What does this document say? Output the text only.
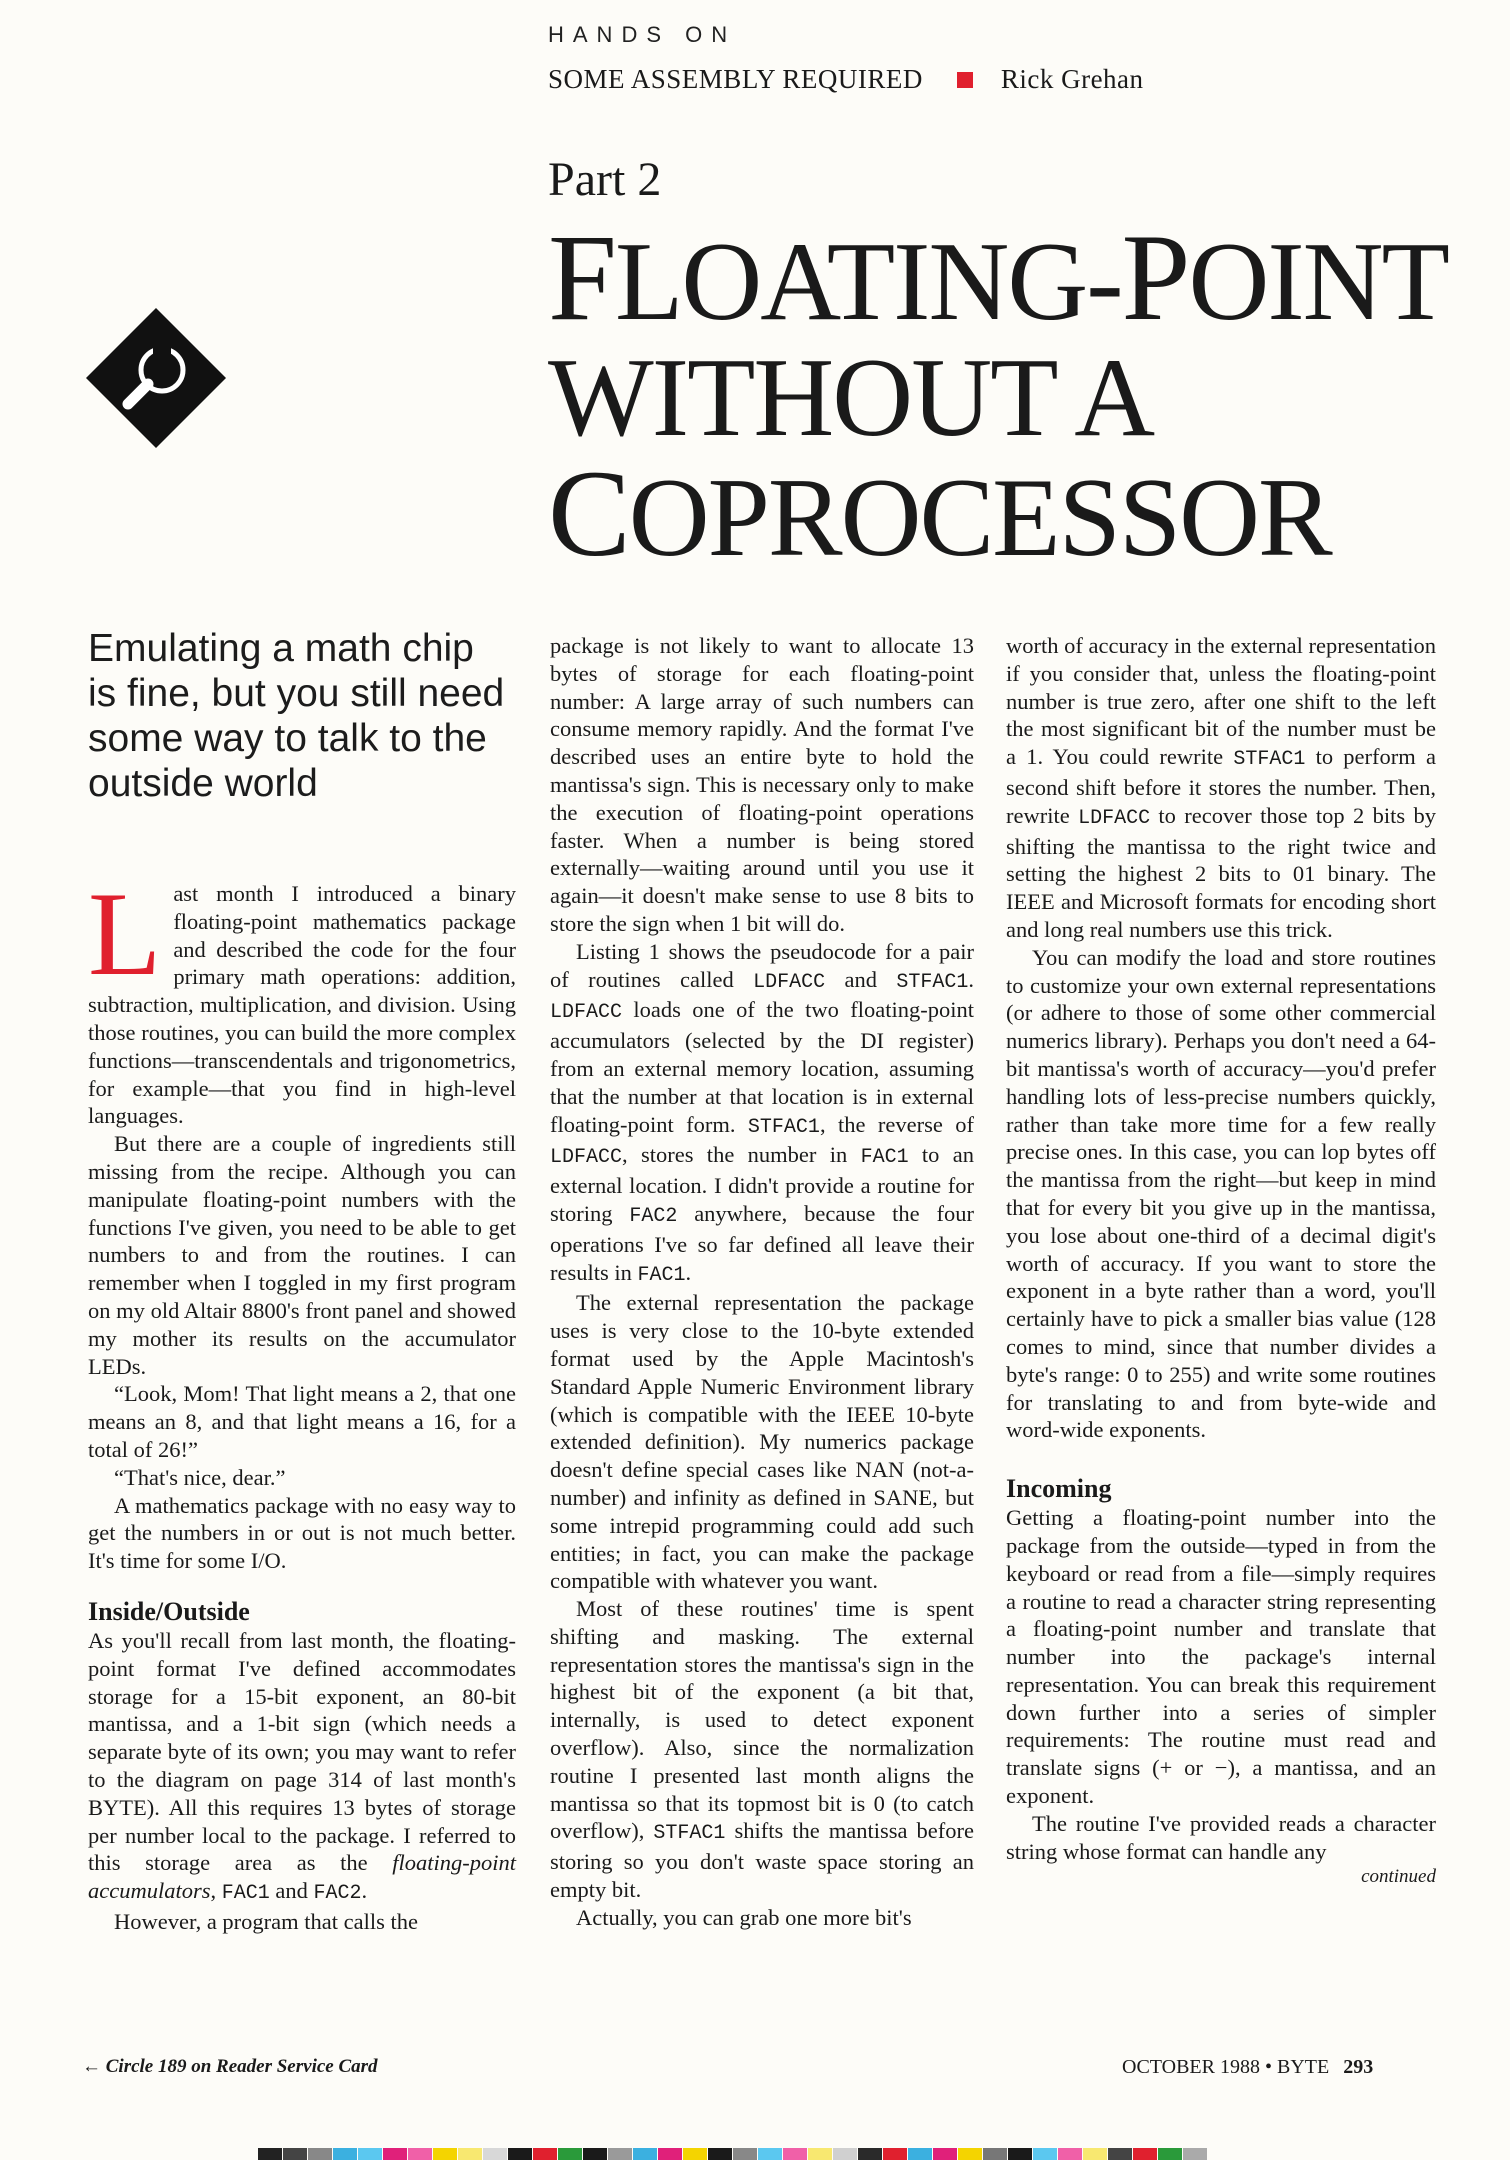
HANDS ON
SOME ASSEMBLY REQUIRED	Rick Grehan
Part 2
FLOATING-POINT
WITHOUT A
COPROCESSOR
Emulating a math chip is fine, but you still need some way to talk to the outside world

Last month I introduced a binary floating-point mathematics package and described the code for the four primary math operations: addition, subtraction, multiplication, and division. Using those routines, you can build the more complex functions—transcendentals and trigonometrics, for example—that you find in high-level languages.

But there are a couple of ingredients still missing from the recipe. Although you can manipulate floating-point numbers with the functions I've given, you need to be able to get numbers to and from the routines. I can remember when I toggled in my first program on my old Altair 8800's front panel and showed my mother its results on the accumulator LEDs.

“Look, Mom! That light means a 2, that one means an 8, and that light means a 16, for a total of 26!”

“That's nice, dear.”

A mathematics package with no easy way to get the numbers in or out is not much better. It's time for some I/O.

Inside/Outside

As you'll recall from last month, the floating-point format I've defined accommodates storage for a 15-bit exponent, an 80-bit mantissa, and a 1-bit sign (which needs a separate byte of its own; you may want to refer to the diagram on page 314 of last month's BYTE). All this requires 13 bytes of storage per number local to the package. I referred to this storage area as the floating-point accumulators, FAC1 and FAC2.

However, a program that calls the

package is not likely to want to allocate 13 bytes of storage for each floating-point number: A large array of such numbers can consume memory rapidly. And the format I've described uses an entire byte to hold the mantissa's sign. This is necessary only to make the execution of floating-point operations faster. When a number is being stored externally—waiting around until you use it again—it doesn't make sense to use 8 bits to store the sign when 1 bit will do.

Listing 1 shows the pseudocode for a pair of routines called LDFACC and STFAC1. LDFACC loads one of the two floating-point accumulators (selected by the DI register) from an external memory location, assuming that the number at that location is in external floating-point form. STFAC1, the reverse of LDFACC, stores the number in FAC1 to an external location. I didn't provide a routine for storing FAC2 anywhere, because the four operations I've so far defined all leave their results in FAC1.

The external representation the package uses is very close to the 10-byte extended format used by the Apple Macintosh's Standard Apple Numeric Environment library (which is compatible with the IEEE 10-byte extended definition). My numerics package doesn't define special cases like NAN (not-a-number) and infinity as defined in SANE, but some intrepid programming could add such entities; in fact, you can make the package compatible with whatever you want.

Most of these routines' time is spent shifting and masking. The external representation stores the mantissa's sign in the highest bit of the exponent (a bit that, internally, is used to detect exponent overflow). Also, since the normalization routine I presented last month aligns the mantissa so that its topmost bit is 0 (to catch overflow), STFAC1 shifts the mantissa before storing so you don't waste space storing an empty bit.

Actually, you can grab one more bit's

worth of accuracy in the external representation if you consider that, unless the floating-point number is true zero, after one shift to the left the most significant bit of the number must be a 1. You could rewrite STFAC1 to perform a second shift before it stores the number. Then, rewrite LDFACC to recover those top 2 bits by shifting the mantissa to the right twice and setting the highest 2 bits to 01 binary. The IEEE and Microsoft formats for encoding short and long real numbers use this trick.

You can modify the load and store routines to customize your own external representations (or adhere to those of some other commercial numerics library). Perhaps you don't need a 64-bit mantissa's worth of accuracy—you'd prefer handling lots of less-precise numbers quickly, rather than take more time for a few really precise ones. In this case, you can lop bytes off the mantissa from the right—but keep in mind that for every bit you give up in the mantissa, you lose about one-third of a decimal digit's worth of accuracy. If you want to store the exponent in a byte rather than a word, you'll certainly have to pick a smaller bias value (128 comes to mind, since that number divides a byte's range: 0 to 255) and write some routines for translating to and from byte-wide and word-wide exponents.

Incoming

Getting a floating-point number into the package from the outside—typed in from the keyboard or read from a file—simply requires a routine to read a character string representing a floating-point number and translate that number into the package's internal representation. You can break this requirement down further into a series of simpler requirements: The routine must read and translate signs (+ or −), a mantissa, and an exponent.

The routine I've provided reads a character string whose format can handle any

continued
← Circle 189 on Reader Service Card	OCTOBER 1988 • BYTE 293
